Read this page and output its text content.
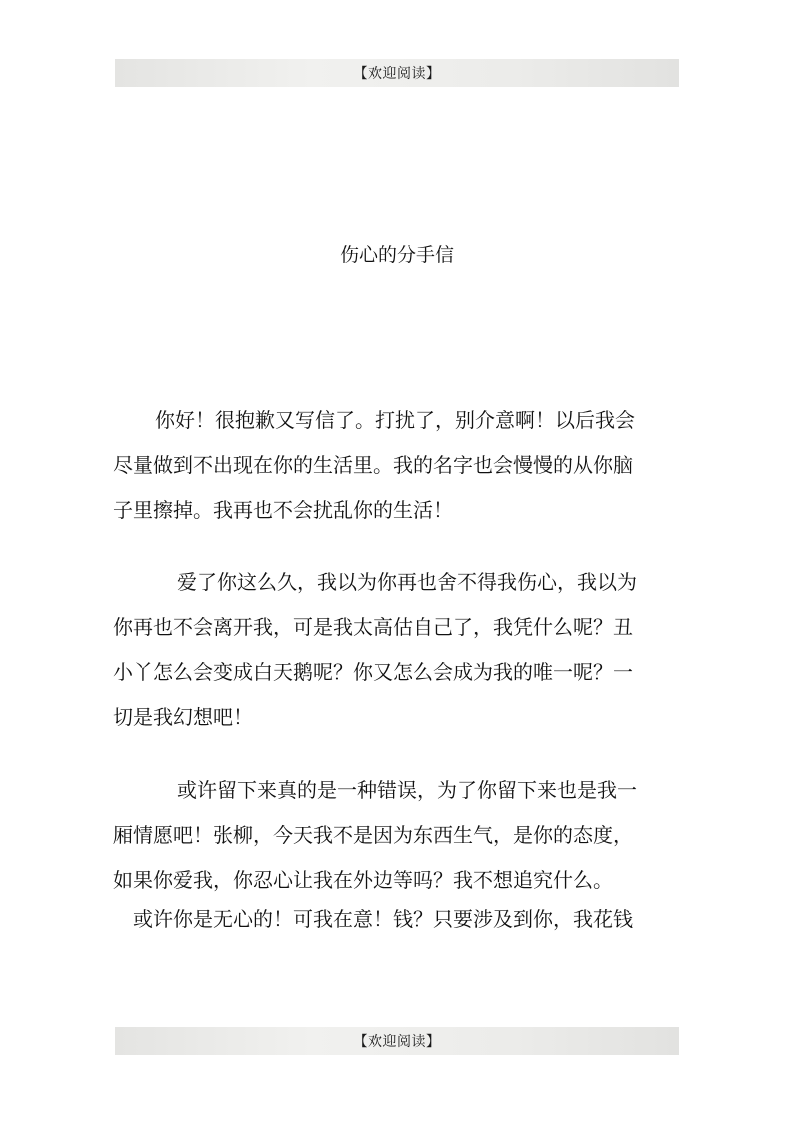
【欢迎阅读】
伤心的分手信
你好！很抱歉又写信了。打扰了，别介意啊！以后我会
尽量做到不出现在你的生活里。我的名字也会慢慢的从你脑
子里擦掉。我再也不会扰乱你的生活！
爱了你这么久，我以为你再也舍不得我伤心，我以为
你再也不会离开我，可是我太高估自己了，我凭什么呢？丑
小丫怎么会变成白天鹅呢？你又怎么会成为我的唯一呢？一
切是我幻想吧！
或许留下来真的是一种错误，为了你留下来也是我一
厢情愿吧！张柳，今天我不是因为东西生气，是你的态度，
如果你爱我，你忍心让我在外边等吗？我不想追究什么。
或许你是无心的！可我在意！钱？只要涉及到你，我花钱
【欢迎阅读】
